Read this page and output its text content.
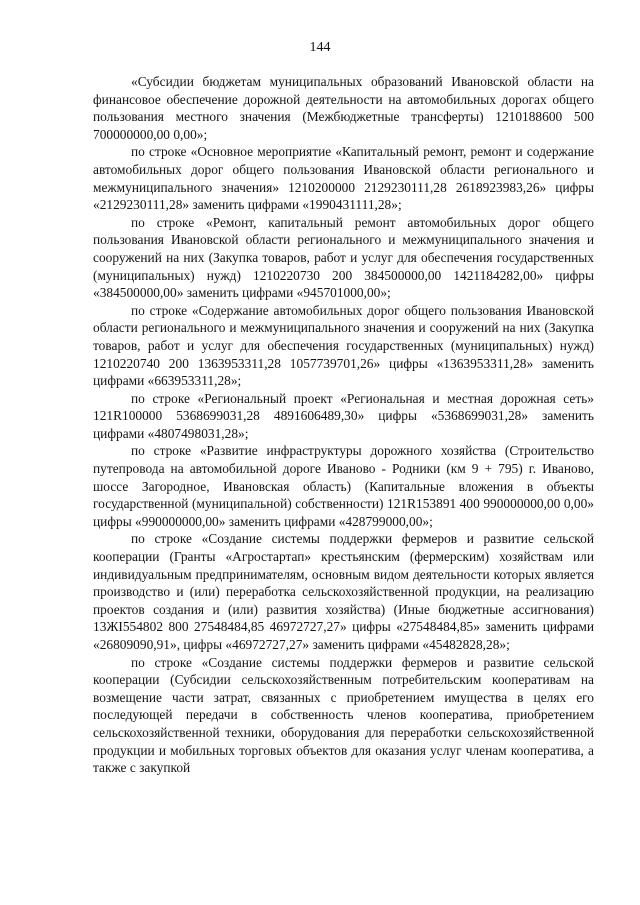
144

«Субсидии бюджетам муниципальных образований Ивановской области на финансовое обеспечение дорожной деятельности на автомобильных дорогах общего пользования местного значения (Межбюджетные трансферты) 1210188600 500 700000000,00 0,00»;

по строке «Основное мероприятие «Капитальный ремонт, ремонт и содержание автомобильных дорог общего пользования Ивановской области регионального и межмуниципального значения» 1210200000 2129230111,28 2618923983,26» цифры «2129230111,28» заменить цифрами «1990431111,28»;

по строке «Ремонт, капитальный ремонт автомобильных дорог общего пользования Ивановской области регионального и межмуниципального значения и сооружений на них (Закупка товаров, работ и услуг для обеспечения государственных (муниципальных) нужд) 1210220730 200 384500000,00 1421184282,00» цифры «384500000,00» заменить цифрами «945701000,00»;

по строке «Содержание автомобильных дорог общего пользования Ивановской области регионального и межмуниципального значения и сооружений на них (Закупка товаров, работ и услуг для обеспечения государственных (муниципальных) нужд) 1210220740 200 1363953311,28 1057739701,26» цифры «1363953311,28» заменить цифрами «663953311,28»;

по строке «Региональный проект «Региональная и местная дорожная сеть» 121R100000 5368699031,28 4891606489,30» цифры «5368699031,28» заменить цифрами «4807498031,28»;

по строке «Развитие инфраструктуры дорожного хозяйства (Строительство путепровода на автомобильной дороге Иваново - Родники (км 9 + 795) г. Иваново, шоссе Загородное, Ивановская область) (Капитальные вложения в объекты государственной (муниципальной) собственности) 121R153891 400 990000000,00 0,00» цифры «990000000,00» заменить цифрами «428799000,00»;

по строке «Создание системы поддержки фермеров и развитие сельской кооперации (Гранты «Агростартап» крестьянским (фермерским) хозяйствам или индивидуальным предпринимателям, основным видом деятельности которых является производство и (или) переработка сельскохозяйственной продукции, на реализацию проектов создания и (или) развития хозяйства) (Иные бюджетные ассигнования) 13ЖI554802 800 27548484,85 46972727,27» цифры «27548484,85» заменить цифрами «26809090,91», цифры «46972727,27» заменить цифрами «45482828,28»;

по строке «Создание системы поддержки фермеров и развитие сельской кооперации (Субсидии сельскохозяйственным потребительским кооперативам на возмещение части затрат, связанных с приобретением имущества в целях его последующей передачи в собственность членов кооператива, приобретением сельскохозяйственной техники, оборудования для переработки сельскохозяйственной продукции и мобильных торговых объектов для оказания услуг членам кооператива, а также с закупкой
